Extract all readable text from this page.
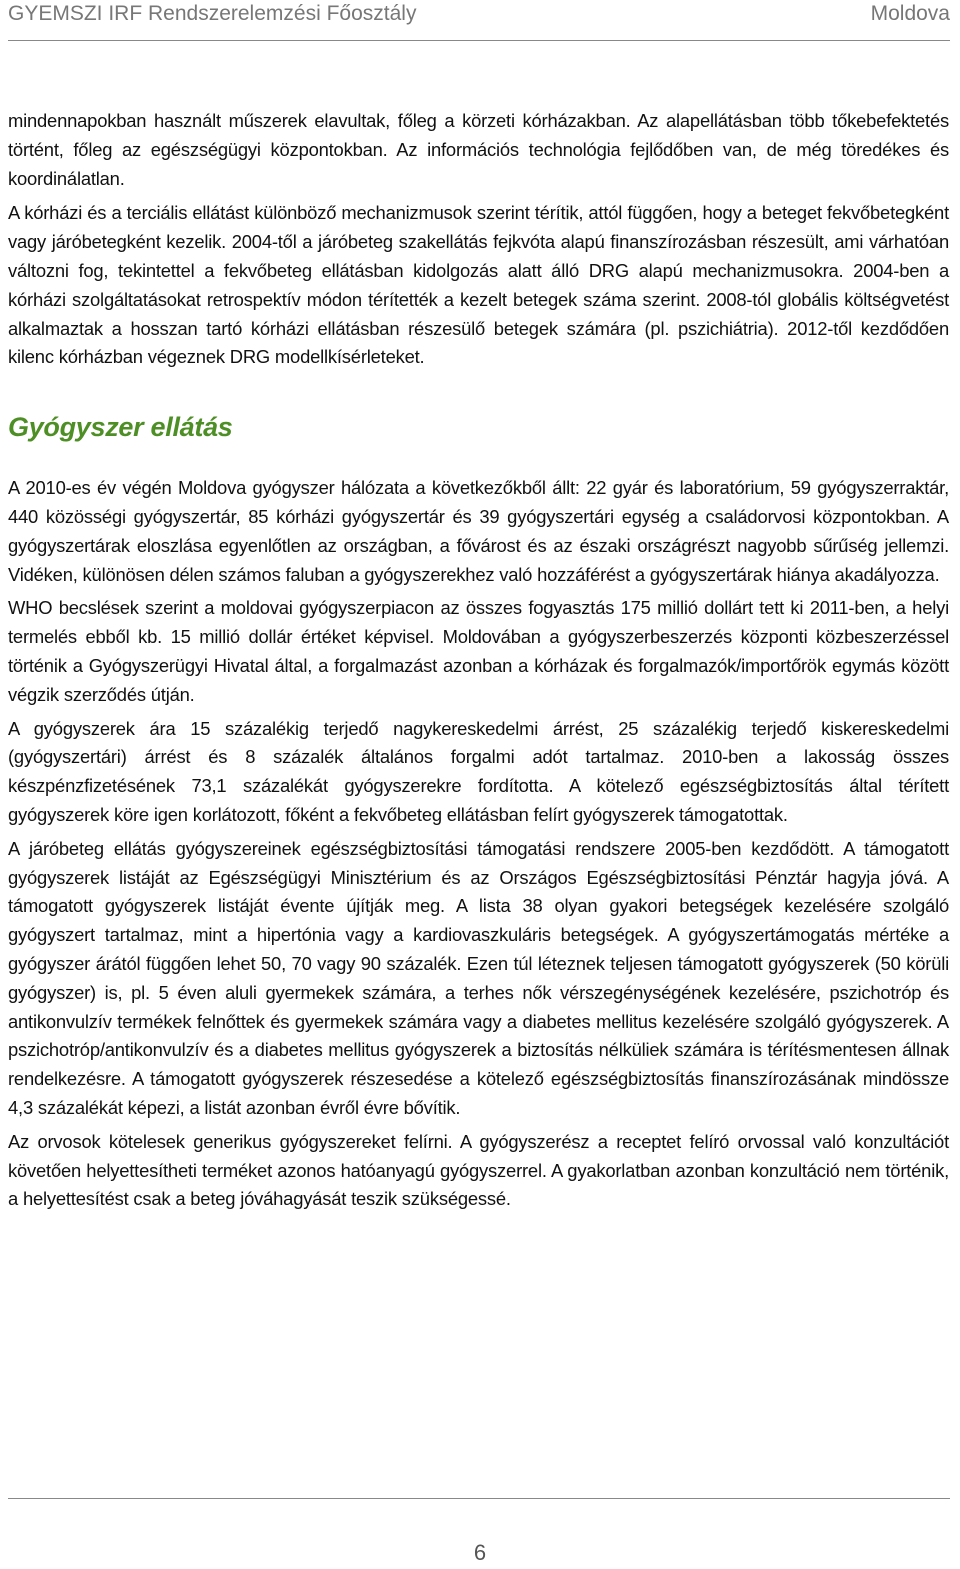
GYEMSZI IRF Rendszerelemzési Főosztály	Moldova

mindennapokban használt műszerek elavultak, főleg a körzeti kórházakban. Az alapellátásban több tőkebefektetés történt, főleg az egészségügyi központokban. Az információs technológia fejlődőben van, de még töredékes és koordinálatlan.

A kórházi és a terciális ellátást különböző mechanizmusok szerint térítik, attól függően, hogy a beteget fekvőbetegként vagy járóbetegként kezelik. 2004-től a járóbeteg szakellátás fejkvóta alapú finanszírozásban részesült, ami várhatóan változni fog, tekintettel a fekvőbeteg ellátásban kidolgozás alatt álló DRG alapú mechanizmusokra. 2004-ben a kórházi szolgáltatásokat retrospektív módon térítették a kezelt betegek száma szerint. 2008-tól globális költségvetést alkalmaztak a hosszan tartó kórházi ellátásban részesülő betegek számára (pl. pszichiátria). 2012-től kezdődően kilenc kórházban végeznek DRG modellkísérleteket.

Gyógyszer ellátás

A 2010-es év végén Moldova gyógyszer hálózata a következőkből állt: 22 gyár és laboratórium, 59 gyógyszerraktár, 440 közösségi gyógyszertár, 85 kórházi gyógyszertár és 39 gyógyszertári egység a családorvosi központokban. A gyógyszertárak eloszlása egyenlőtlen az országban, a fővárost és az északi országrészt nagyobb sűrűség jellemzi. Vidéken, különösen délen számos faluban a gyógyszerekhez való hozzáférést a gyógyszertárak hiánya akadályozza.

WHO becslések szerint a moldovai gyógyszerpiacon az összes fogyasztás 175 millió dollárt tett ki 2011-ben, a helyi termelés ebből kb. 15 millió dollár értéket képvisel. Moldovában a gyógyszerbeszerzés központi közbeszerzéssel történik a Gyógyszerügyi Hivatal által, a forgalmazást azonban a kórházak és forgalmazók/importőrök egymás között végzik szerződés útján.

A gyógyszerek ára 15 százalékig terjedő nagykereskedelmi árrést, 25 százalékig terjedő kiskereskedelmi (gyógyszertári) árrést és 8 százalék általános forgalmi adót tartalmaz. 2010-ben a lakosság összes készpénzfizetésének 73,1 százalékát gyógyszerekre fordította. A kötelező egészségbiztosítás által térített gyógyszerek köre igen korlátozott, főként a fekvőbeteg ellátásban felírt gyógyszerek támogatottak.

A járóbeteg ellátás gyógyszereinek egészségbiztosítási támogatási rendszere 2005-ben kezdődött. A támogatott gyógyszerek listáját az Egészségügyi Minisztérium és az Országos Egészségbiztosítási Pénztár hagyja jóvá. A támogatott gyógyszerek listáját évente újítják meg. A lista 38 olyan gyakori betegségek kezelésére szolgáló gyógyszert tartalmaz, mint a hipertónia vagy a kardiovaszkuláris betegségek. A gyógyszertámogatás mértéke a gyógyszer árától függően lehet 50, 70 vagy 90 százalék. Ezen túl léteznek teljesen támogatott gyógyszerek (50 körüli gyógyszer) is, pl. 5 éven aluli gyermekek számára, a terhes nők vérszegénységének kezelésére, pszichotróp és antikonvulzív termékek felnőttek és gyermekek számára vagy a diabetes mellitus kezelésére szolgáló gyógyszerek. A pszichotróp/antikonvulzív és a diabetes mellitus gyógyszerek a biztosítás nélküliek számára is térítésmentesen állnak rendelkezésre. A támogatott gyógyszerek részesedése a kötelező egészségbiztosítás finanszírozásának mindössze 4,3 százalékát képezi, a listát azonban évről évre bővítik.

Az orvosok kötelesek generikus gyógyszereket felírni. A gyógyszerész a receptet felíró orvossal való konzultációt követően helyettesítheti terméket azonos hatóanyagú gyógyszerrel. A gyakorlatban azonban konzultáció nem történik, a helyettesítést csak a beteg jóváhagyását teszik szükségessé.

6
